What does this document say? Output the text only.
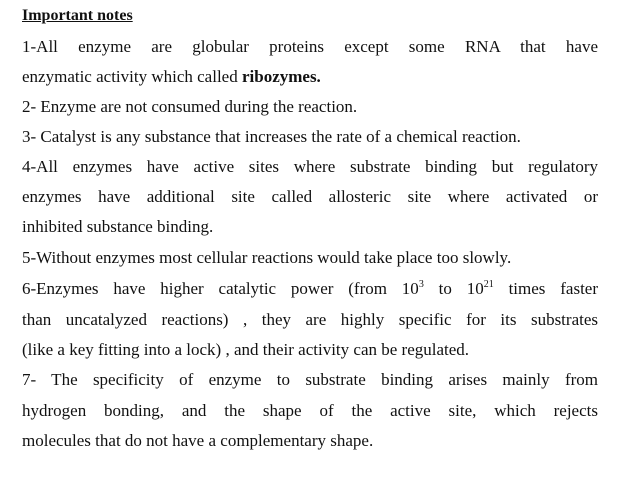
Important notes
1-All enzyme are globular proteins except some RNA that have
enzymatic activity which called ribozymes.
2- Enzyme are not consumed during the reaction.
3- Catalyst is any substance that increases the rate of a chemical reaction.
4-All enzymes have active sites where substrate binding but regulatory
enzymes have additional site called allosteric site where activated or
inhibited substance binding.
5-Without enzymes most cellular reactions would take place too slowly.
6-Enzymes have higher catalytic power (from $10^3$ to $10^{21}$ times faster
than uncatalyzed reactions) , they are highly specific for its substrates
(like a key fitting into a lock) , and their activity can be regulated.
7- The specificity of enzyme to substrate binding arises mainly from
hydrogen bonding, and the shape of the active site, which rejects
molecules that do not have a complementary shape.
